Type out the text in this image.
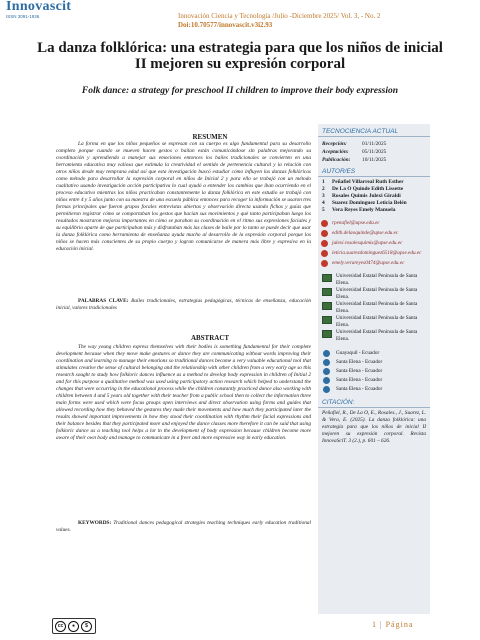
Innovascit
ISSN 3091-1936	Innovación Ciencia y Tecnología /Julio -Diciembre 2025/ Vol. 3, - No. 2
Doi:10.70577/innovascit.v3i2.93
La danza folklórica: una estrategia para que los niños de inicial II mejoren su expresión corporal
Folk dance: a strategy for preschool II children to improve their body expression
RESUMEN
La forma en que los niños pequeños se expresan con su cuerpo es algo fundamental para su desarrollo completo porque cuando se mueven hacen gestos o bailan están comunicándose sin palabras mejorando su coordinación y aprendiendo a manejar sus emociones entonces los bailes tradicionales se convierten en una herramienta educativa muy valiosa que estimula la creatividad el sentido de pertenencia cultural y la relación con otros niños desde muy temprana edad así que esta investigación buscó estudiar cómo influyen las danzas folklóricas como método para desarrollar la expresión corporal en niños de Inicial 2 y para ello se trabajó con un método cualitativo usando investigación acción participativa lo cual ayudó a entender los cambios que iban ocurriendo en el proceso educativo mientras los niños practicaban constantemente la danza folklórica en este estudio se trabajó con niños entre 4 y 5 años junto con su maestra de una escuela pública entonces para recoger la información se usaron tres formas principales que fueron grupos focales entrevistas abiertas y observación directa usando fichas y guías que permitieron registrar cómo se comportaban los gestos que hacían sus movimientos y qué tanto participaban luego los resultados mostraron mejoras importantes en cómo se paraban su coordinación en el ritmo sus expresiones faciales y su equilibrio aparte de que participaban más y disfrutaban más las clases de baile por lo tanto se puede decir que usar la danza folklórica como herramienta de enseñanza ayuda mucho al desarrollo de la expresión corporal porque los niños se hacen más conscientes de su propio cuerpo y logran comunicarse de manera más libre y expresiva en la educación inicial.
PALABRAS CLAVE: Bailes tradicionales, estrategias pedagógicas, técnicas de enseñanza, educación inicial, valores tradicionales
ABSTRACT
The way young children express themselves with their bodies is something fundamental for their complete development because when they move make gestures or dance they are communicating without words improving their coordination and learning to manage their emotions so traditional dances become a very valuable educational tool that stimulates creative the sense of cultural belonging and the relationship with other children from a very early age so this research sought to study how folkloric dances influence as a method to develop body expression in children of Initial 2 and for this purpose a qualitative method was used using participatory action research which helped to understand the changes that were occurring in the educational process while the children constantly practiced dance also working with children between 4 and 5 years old together with their teacher from a public school then to collect the information three main forms were used which were focus groups open interviews and direct observation using forms and guides that allowed recording how they behaved the gestures they made their movements and how much they participated later the results showed important improvements in how they stood their coordination with rhythm their facial expressions and their balance besides that they participated more and enjoyed the dance classes more therefore it can be said that using folkloric dance as a teaching tool helps a lot in the development of body expression because children become more aware of their own body and manage to communicate in a freer and more expressive way in early education.
KEYWORDS: Traditional dances pedagogical strategies teaching techniques early education traditional values.
TECNOCIENCIA ACTUAL
Recepción:	01/11/2025
Aceptación:	05/11/2025
Publicación:	10/11/2025
AUTOR/ES
1	Peñafiel Villarreal Ruth Esther
2	De La O Quinde Edith Lissette
3	Rosales Quimis Julexi Giraldi
4	Suarez Dominguez Leticia Belén
5	Vera Reyes Emely Manuela
rpenafiel@upse.edu.ec
edith.delaoquinde@upse.edu.ec
julexi.rosalesquimis@upse.edu.ec
leticia.suarezdominguez6518@upse.edu.ec
emely.verareyes0474@upse.edu.ec
Universidad Estatal Península de Santa Elena.
Universidad Estatal Península de Santa Elena.
Universidad Estatal Península de Santa Elena.
Universidad Estatal Península de Santa Elena.
Universidad Estatal Península de Santa Elena.
Guayaquil - Ecuador
Santa Elena - Ecuador
Santa Elena - Ecuador
Santa Elena - Ecuador
Santa Elena - Ecuador
CITACIÓN:
Peñafiel, R., De La O, E., Rosales., J., Suarez, L. & Vera, E. (2025). La danza folklórica: una estrategia para que los niños de inicial II mejoren su expresión corporal. Revista InnovaSciT. 3 (2.), p. 601 – 626.
cc	●	$	1 | Página
